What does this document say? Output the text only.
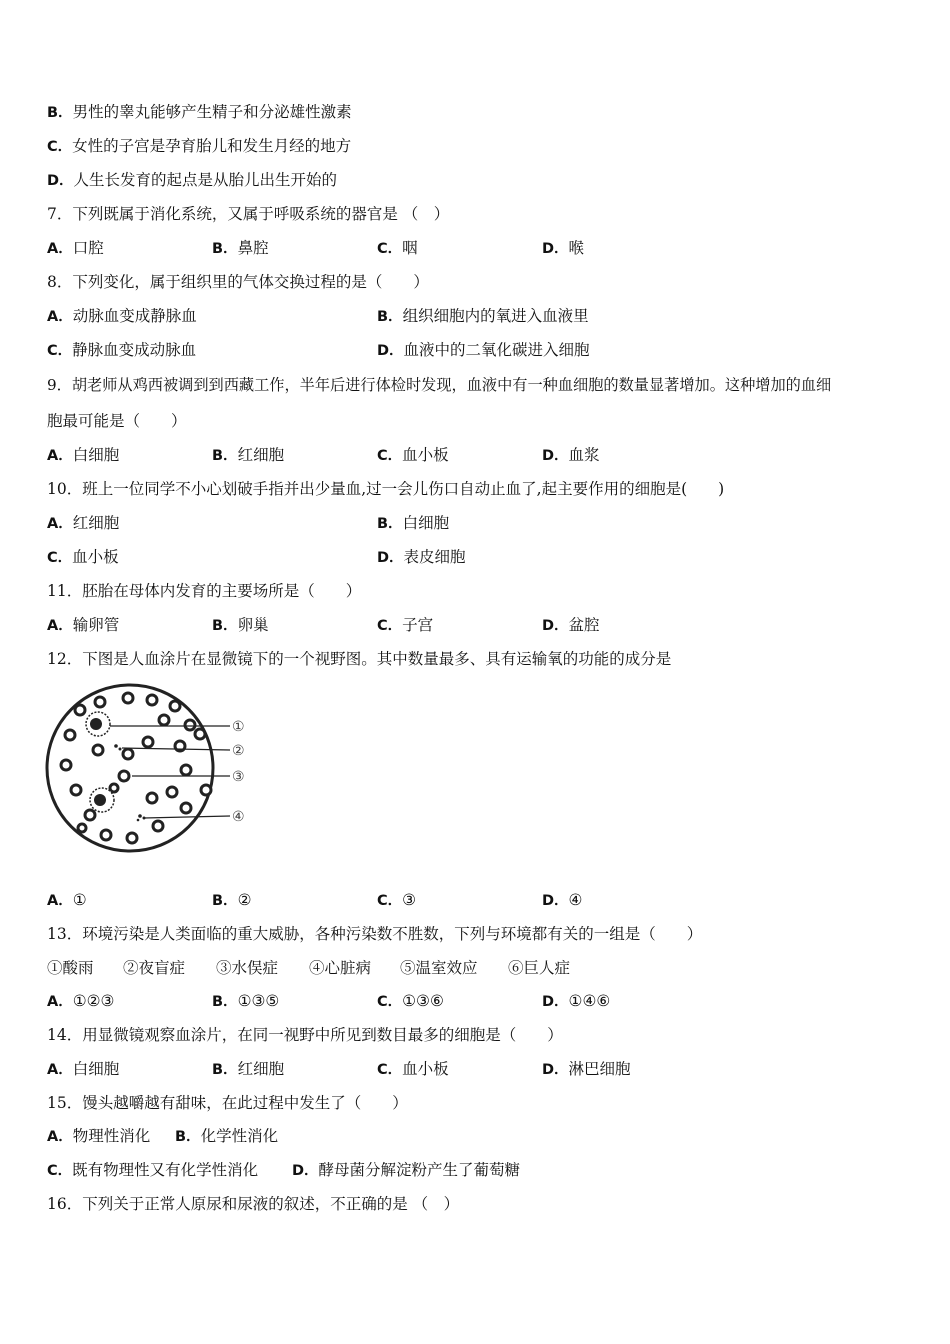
B．男性的睾丸能够产生精子和分泌雄性激素
C．女性的子宫是孕育胎儿和发生月经的地方
D．人生长发育的起点是从胎儿出生开始的
7．下列既属于消化系统，又属于呼吸系统的器官是 （　）
A．口腔	B．鼻腔	C．咽	D．喉
8．下列变化，属于组织里的气体交换过程的是（　　）
A．动脉血变成静脉血	B．组织细胞内的氧进入血液里
C．静脉血变成动脉血	D．血液中的二氧化碳进入细胞
9．胡老师从鸡西被调到到西藏工作，半年后进行体检时发现，血液中有一种血细胞的数量显著增加。这种增加的血细
胞最可能是（　　）
A．白细胞	B．红细胞	C．血小板	D．血浆
10．班上一位同学不小心划破手指并出少量血,过一会儿伤口自动止血了,起主要作用的细胞是(　　)
A．红细胞	B．白细胞
C．血小板	D．表皮细胞
11．胚胎在母体内发育的主要场所是（　　）
A．输卵管	B．卵巢	C．子宫	D．盆腔
12．下图是人血涂片在显微镜下的一个视野图。其中数量最多、具有运输氧的功能的成分是
①
②
③
④
A．①	B．②	C．③	D．④
13．环境污染是人类面临的重大威胁，各种污染数不胜数，下列与环境都有关的一组是（　　）
①酸雨 ②夜盲症 ③水俣症 ④心脏病 ⑤温室效应 ⑥巨人症
A．①②③	B．①③⑤	C．①③⑥	D．①④⑥
14．用显微镜观察血涂片，在同一视野中所见到数目最多的细胞是（　　）
A．白细胞	B．红细胞	C．血小板	D．淋巴细胞
15．馒头越嚼越有甜味，在此过程中发生了（　　）
A．物理性消化 B．化学性消化
C．既有物理性又有化学性消化 D．酵母菌分解淀粉产生了葡萄糖
16．下列关于正常人原尿和尿液的叙述，不正确的是 （　）
